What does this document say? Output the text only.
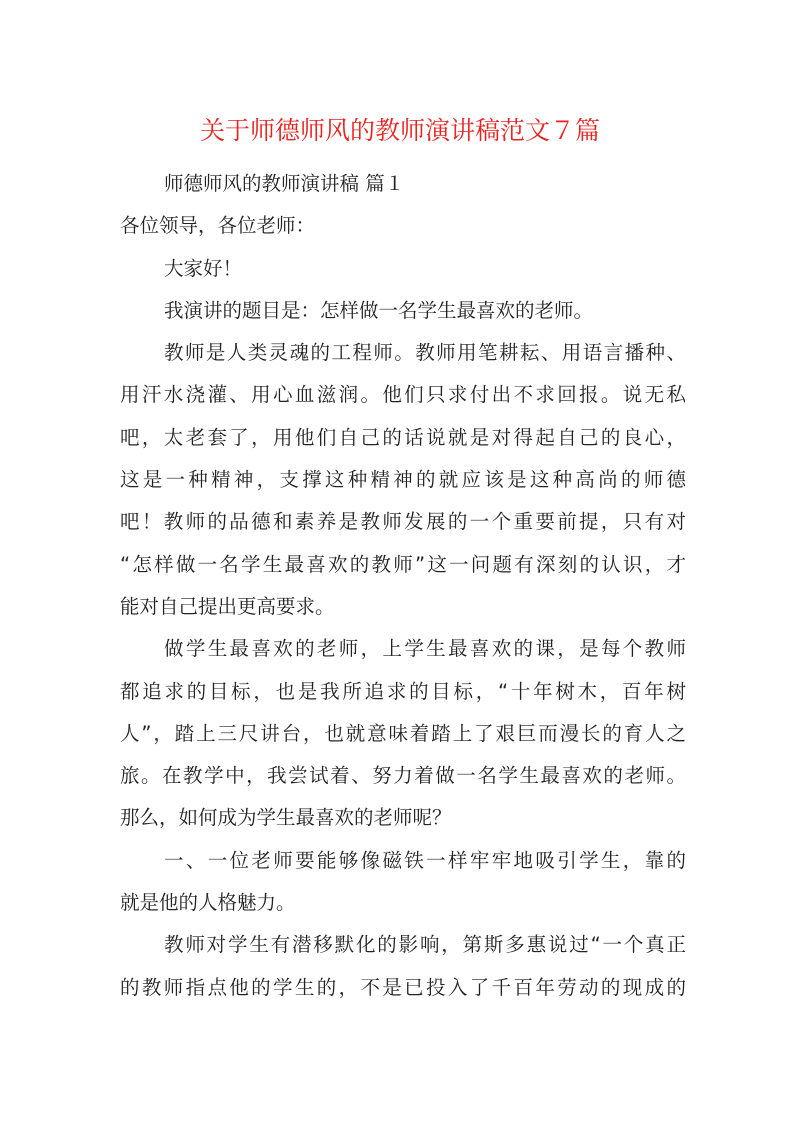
关于师德师风的教师演讲稿范文７篇
师德师风的教师演讲稿 篇１
各位领导，各位老师：
大家好！
我演讲的题目是：怎样做一名学生最喜欢的老师。
教师是人类灵魂的工程师。教师用笔耕耘、用语言播种、
用汗水浇灌、用心血滋润。他们只求付出不求回报。说无私
吧，太老套了，用他们自己的话说就是对得起自己的良心，
这是一种精神，支撑这种精神的就应该是这种高尚的师德
吧！教师的品德和素养是教师发展的一个重要前提，只有对
“怎样做一名学生最喜欢的教师”这一问题有深刻的认识，才
能对自己提出更高要求。
做学生最喜欢的老师，上学生最喜欢的课，是每个教师
都追求的目标，也是我所追求的目标，“十年树木，百年树
人”，踏上三尺讲台，也就意味着踏上了艰巨而漫长的育人之
旅。在教学中，我尝试着、努力着做一名学生最喜欢的老师。
那么，如何成为学生最喜欢的老师呢？
一、一位老师要能够像磁铁一样牢牢地吸引学生，靠的
就是他的人格魅力。
教师对学生有潜移默化的影响，第斯多惠说过“一个真正
的教师指点他的学生的，不是已投入了千百年劳动的现成的
